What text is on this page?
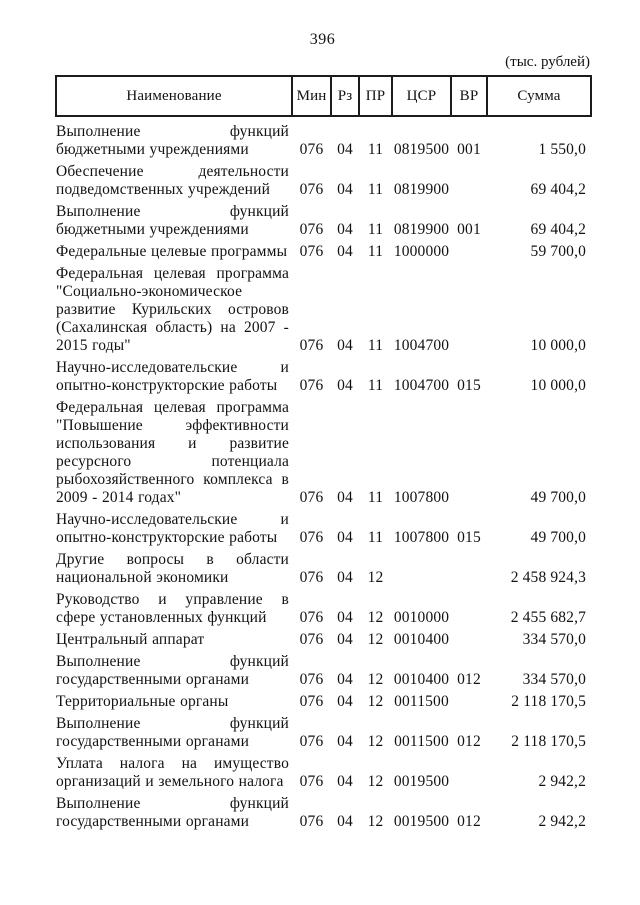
396
(тыс. рублей)
Наименование	Мин	Рз	ПР	ЦСР	ВР	Сумма
Выполнение функций бюджетными учреждениями	076	04	11	0819500	001	1 550,0
Обеспечение деятельности подведомственных учреждений	076	04	11	0819900		69 404,2
Выполнение функций бюджетными учреждениями	076	04	11	0819900	001	69 404,2
Федеральные целевые программы	076	04	11	1000000		59 700,0
Федеральная целевая программа "Социально-экономическое развитие Курильских островов (Сахалинская область) на 2007 - 2015 годы"	076	04	11	1004700		10 000,0
Научно-исследовательские и опытно-конструкторские работы	076	04	11	1004700	015	10 000,0
Федеральная целевая программа "Повышение эффективности использования и развитие ресурсного потенциала рыбохозяйственного комплекса в 2009 - 2014 годах"	076	04	11	1007800		49 700,0
Научно-исследовательские и опытно-конструкторские работы	076	04	11	1007800	015	49 700,0
Другие вопросы в области национальной экономики	076	04	12			2 458 924,3
Руководство и управление в сфере установленных функций	076	04	12	0010000		2 455 682,7
Центральный аппарат	076	04	12	0010400		334 570,0
Выполнение функций государственными органами	076	04	12	0010400	012	334 570,0
Территориальные органы	076	04	12	0011500		2 118 170,5
Выполнение функций государственными органами	076	04	12	0011500	012	2 118 170,5
Уплата налога на имущество организаций и земельного налога	076	04	12	0019500		2 942,2
Выполнение функций государственными органами	076	04	12	0019500	012	2 942,2
